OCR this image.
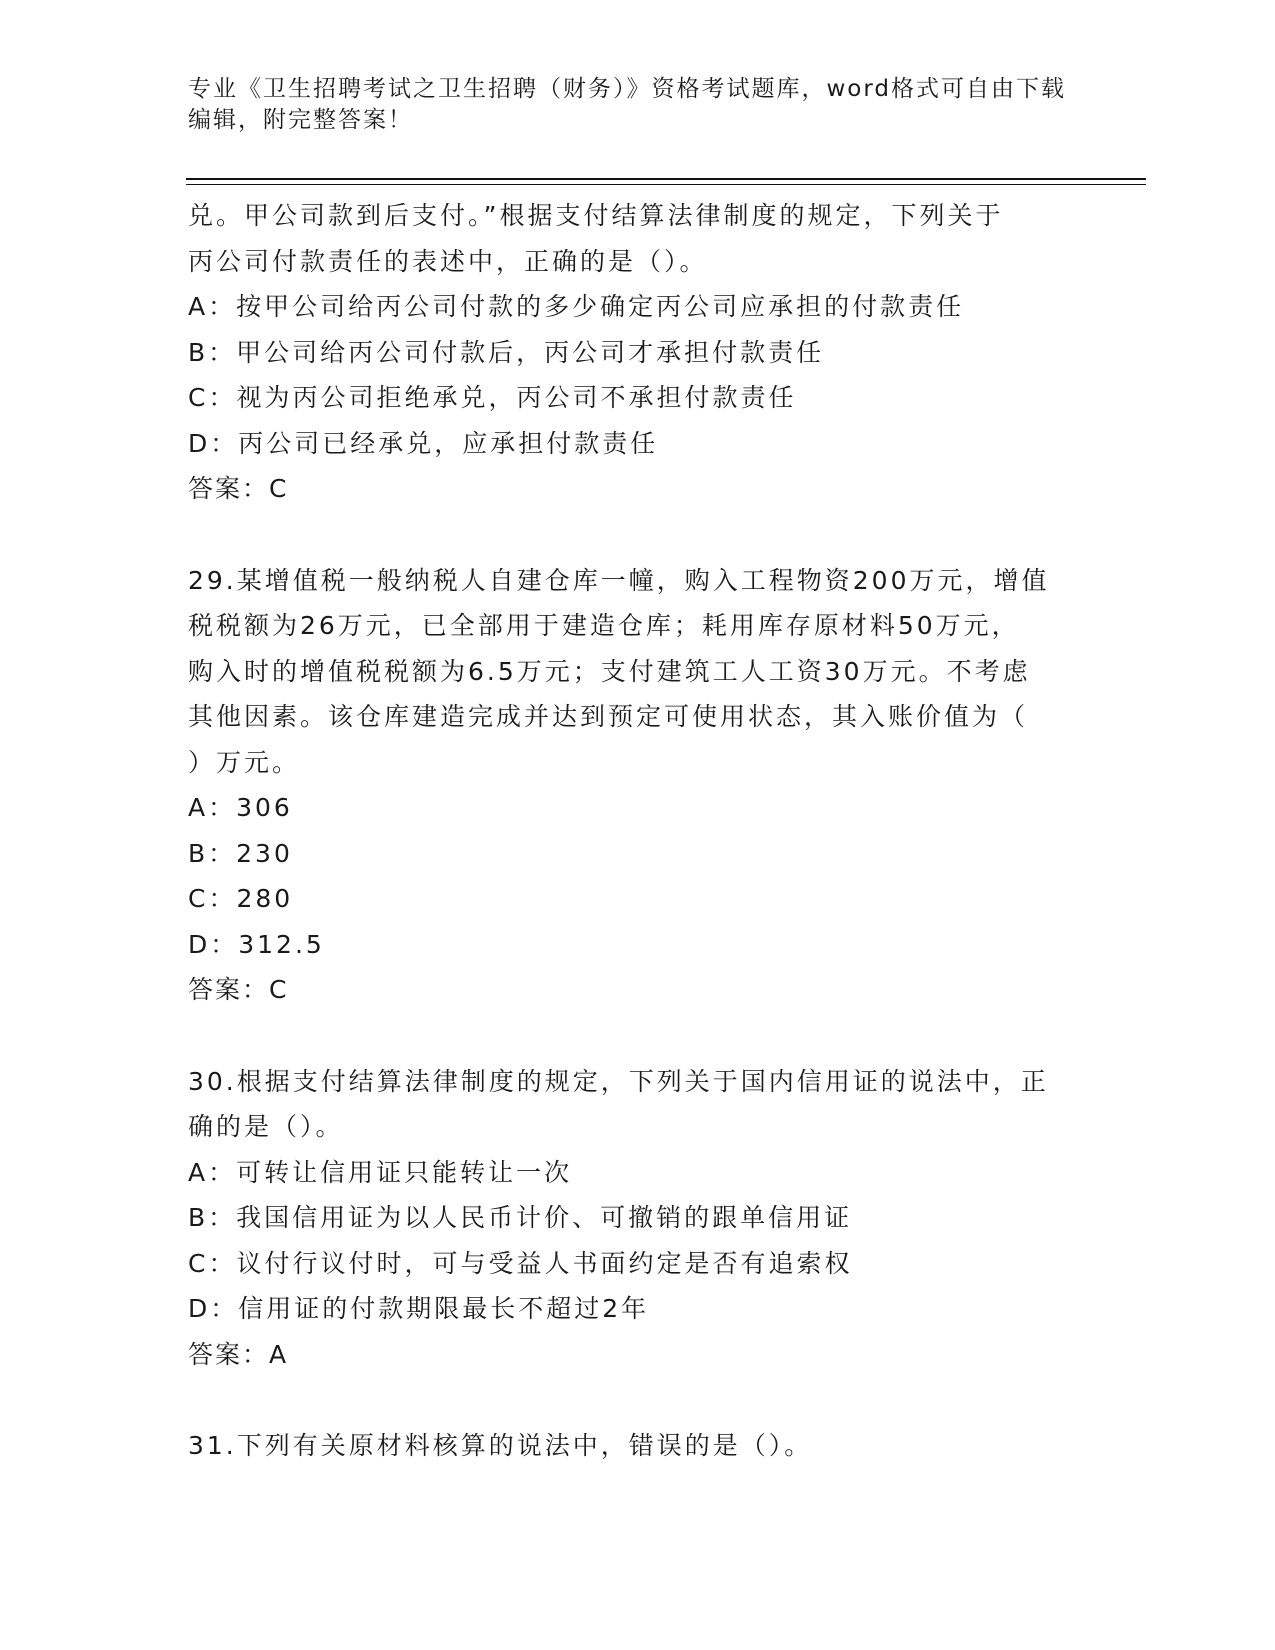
专业《卫生招聘考试之卫生招聘（财务）》资格考试题库，word格式可自由下载
编辑，附完整答案！
兑。甲公司款到后支付。”根据支付结算法律制度的规定，下列关于
丙公司付款责任的表述中，正确的是（）。
A：按甲公司给丙公司付款的多少确定丙公司应承担的付款责任
B：甲公司给丙公司付款后，丙公司才承担付款责任
C：视为丙公司拒绝承兑，丙公司不承担付款责任
D：丙公司已经承兑，应承担付款责任
答案：C
29.某增值税一般纳税人自建仓库一幢，购入工程物资200万元，增值
税税额为26万元，已全部用于建造仓库；耗用库存原材料50万元，
购入时的增值税税额为6.5万元；支付建筑工人工资30万元。不考虑
其他因素。该仓库建造完成并达到预定可使用状态，其入账价值为（
）万元。
A：306
B：230
C：280
D：312.5
答案：C
30.根据支付结算法律制度的规定，下列关于国内信用证的说法中，正
确的是（）。
A：可转让信用证只能转让一次
B：我国信用证为以人民币计价、可撤销的跟单信用证
C：议付行议付时，可与受益人书面约定是否有追索权
D：信用证的付款期限最长不超过2年
答案：A
31.下列有关原材料核算的说法中，错误的是（）。
